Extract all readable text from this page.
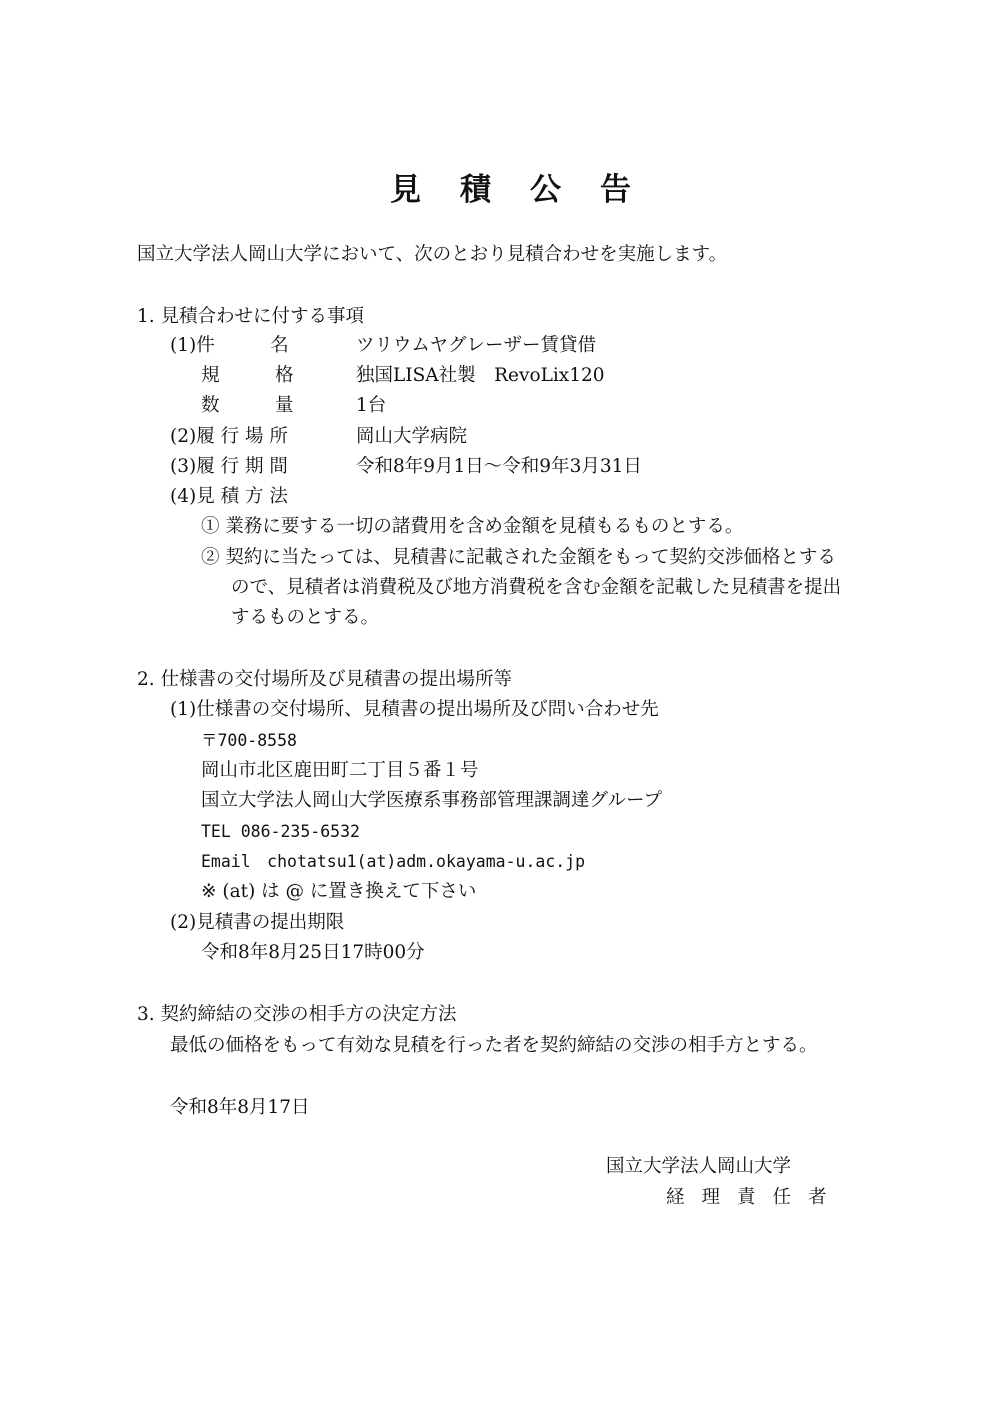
見積公告

国立大学法人岡山大学において、次のとおり見積合わせを実施します。

1. 見積合わせに付する事項

(1)件　　　名	ツリウムヤグレーザー賃貸借

規　　　格	独国LISA社製　RevoLix120

数　　　量	1台

(2)履 行 場 所	岡山大学病院

(3)履 行 期 間	令和8年9月1日～令和9年3月31日

(4)見 積 方 法

① 業務に要する一切の諸費用を含め金額を見積もるものとする。

② 契約に当たっては、見積書に記載された金額をもって契約交渉価格とする

ので、見積者は消費税及び地方消費税を含む金額を記載した見積書を提出

するものとする。

2. 仕様書の交付場所及び見積書の提出場所等

(1)仕様書の交付場所、見積書の提出場所及び問い合わせ先

〒700-8558

岡山市北区鹿田町二丁目５番１号

国立大学法人岡山大学医療系事務部管理課調達グループ

TEL 086-235-6532

Email　chotatsu1(at)adm.okayama-u.ac.jp

※ (at) は @ に置き換えて下さい

(2)見積書の提出期限

令和8年8月25日17時00分

3. 契約締結の交渉の相手方の決定方法

最低の価格をもって有効な見積を行った者を契約締結の交渉の相手方とする。

令和8年8月17日

国立大学法人岡山大学

経理責任者
